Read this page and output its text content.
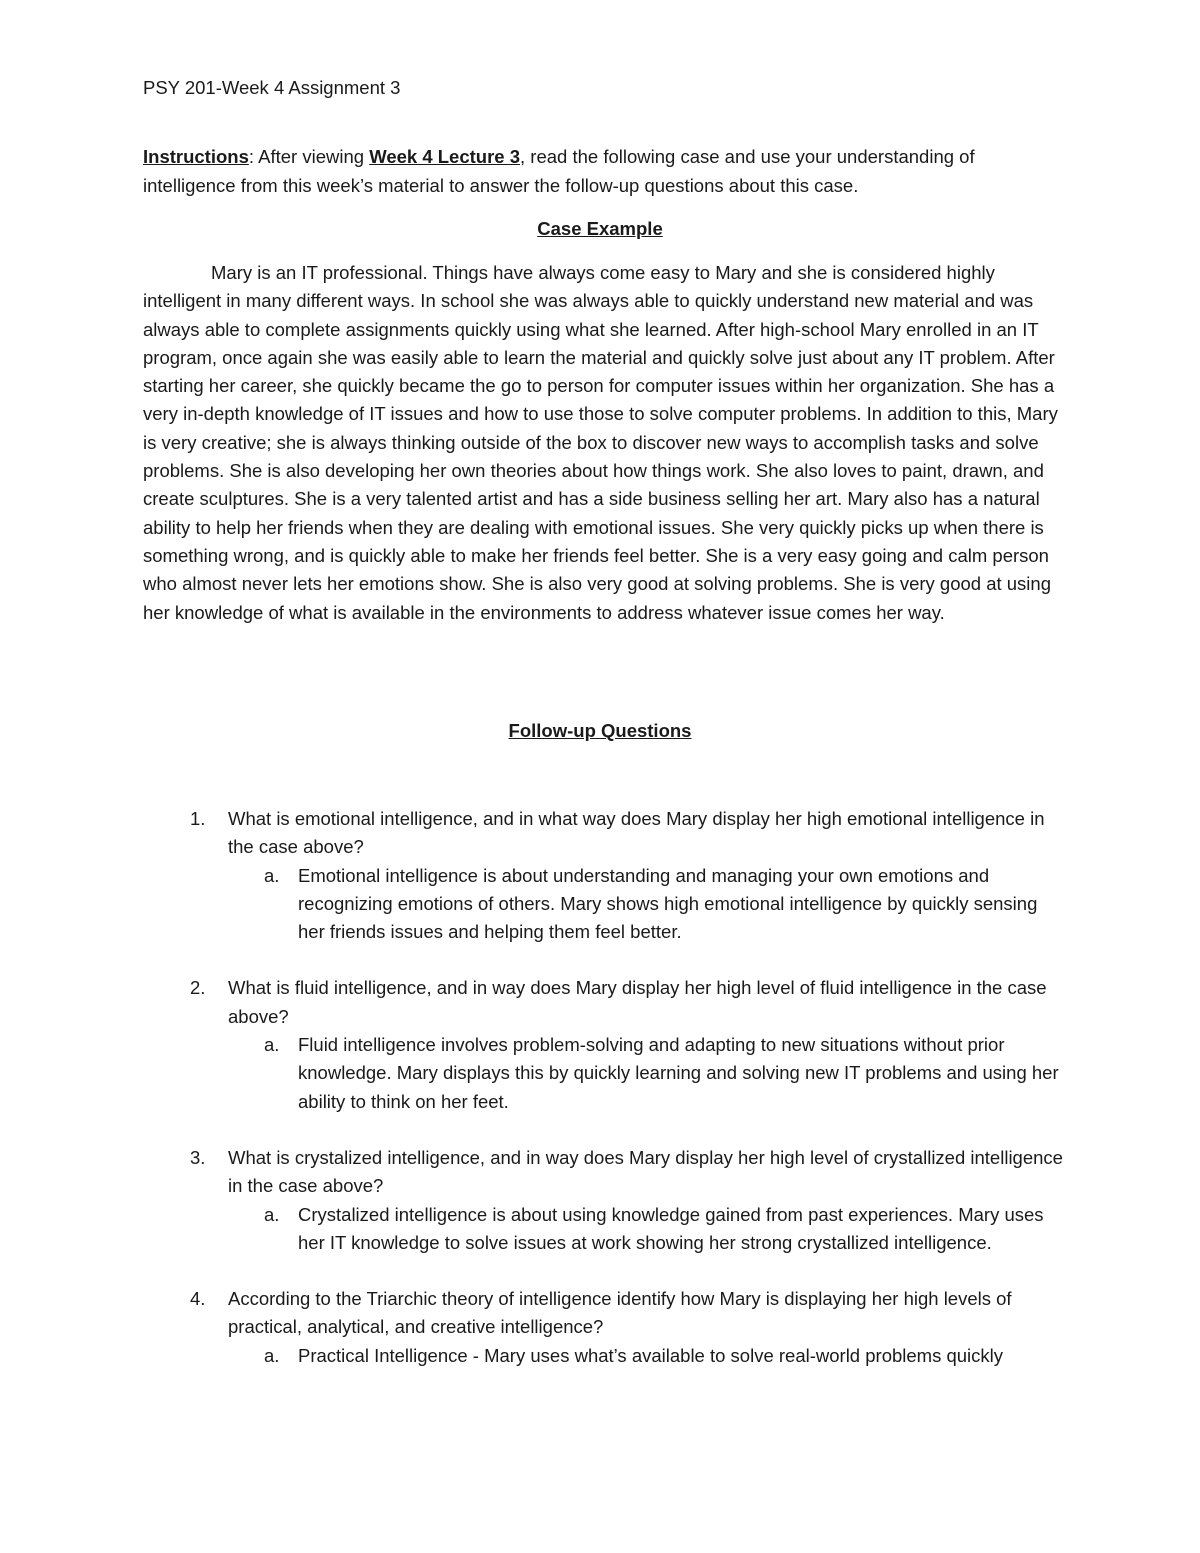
PSY 201-Week 4 Assignment 3
Instructions: After viewing Week 4 Lecture 3, read the following case and use your understanding of intelligence from this week’s material to answer the follow-up questions about this case.
Case Example
Mary is an IT professional. Things have always come easy to Mary and she is considered highly intelligent in many different ways. In school she was always able to quickly understand new material and was always able to complete assignments quickly using what she learned. After high-school Mary enrolled in an IT program, once again she was easily able to learn the material and quickly solve just about any IT problem. After starting her career, she quickly became the go to person for computer issues within her organization. She has a very in-depth knowledge of IT issues and how to use those to solve computer problems. In addition to this, Mary is very creative; she is always thinking outside of the box to discover new ways to accomplish tasks and solve problems. She is also developing her own theories about how things work. She also loves to paint, drawn, and create sculptures. She is a very talented artist and has a side business selling her art. Mary also has a natural ability to help her friends when they are dealing with emotional issues. She very quickly picks up when there is something wrong, and is quickly able to make her friends feel better. She is a very easy going and calm person who almost never lets her emotions show. She is also very good at solving problems. She is very good at using her knowledge of what is available in the environments to address whatever issue comes her way.
Follow-up Questions
1. What is emotional intelligence, and in what way does Mary display her high emotional intelligence in the case above?
a. Emotional intelligence is about understanding and managing your own emotions and recognizing emotions of others. Mary shows high emotional intelligence by quickly sensing her friends issues and helping them feel better.
2. What is fluid intelligence, and in way does Mary display her high level of fluid intelligence in the case above?
a. Fluid intelligence involves problem-solving and adapting to new situations without prior knowledge. Mary displays this by quickly learning and solving new IT problems and using her ability to think on her feet.
3. What is crystalized intelligence, and in way does Mary display her high level of crystallized intelligence in the case above?
a. Crystalized intelligence is about using knowledge gained from past experiences. Mary uses her IT knowledge to solve issues at work showing her strong crystallized intelligence.
4. According to the Triarchic theory of intelligence identify how Mary is displaying her high levels of practical, analytical, and creative intelligence?
a. Practical Intelligence - Mary uses what’s available to solve real-world problems quickly
